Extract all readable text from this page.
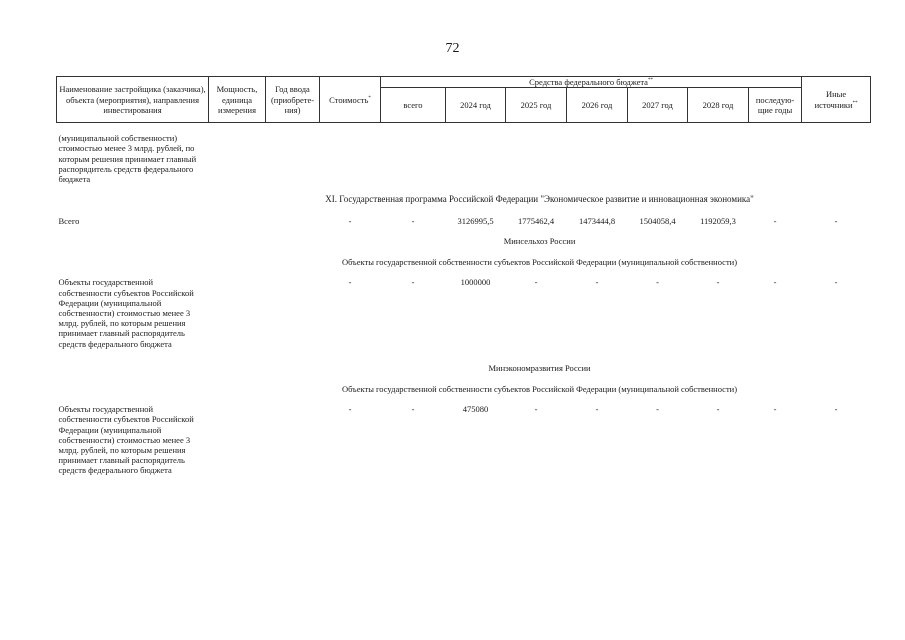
72
Наименование застройщика (заказчика), объекта (мероприятия), направления инвестирования	Мощность, единица измерения	Год ввода (приобрете-ния)	Стоимость*	Средства федерального бюджета**							Иные источники**
				всего	2024 год	2025 год	2026 год	2027 год	2028 год	последую-щие годы	

(муниципальной собственности) стоимостью менее 3 млрд. рублей, по которым решения принимает главный распорядитель средств федерального бюджета											

	XI. Государственная программа Российской Федерации "Экономическое развитие и инновационная экономика"										

Всего			-	-	3126995,5	1775462,4	1473444,8	1504058,4	1192059,3	-	-

	Минсельхоз России										

	Объекты государственной собственности субъектов Российской Федерации (муниципальной собственности)										

Объекты государственной собственности субъектов Российской Федерации (муниципальной собственности) стоимостью менее 3 млрд. рублей, по которым решения принимает главный распорядитель средств федерального бюджета			-	-	1000000	-	-	-	-	-	-

	Минэкономразвития России										

	Объекты государственной собственности субъектов Российской Федерации (муниципальной собственности)										

Объекты государственной собственности субъектов Российской Федерации (муниципальной собственности) стоимостью менее 3 млрд. рублей, по которым решения принимает главный распорядитель средств федерального бюджета			-	-	475080	-	-	-	-	-	-
